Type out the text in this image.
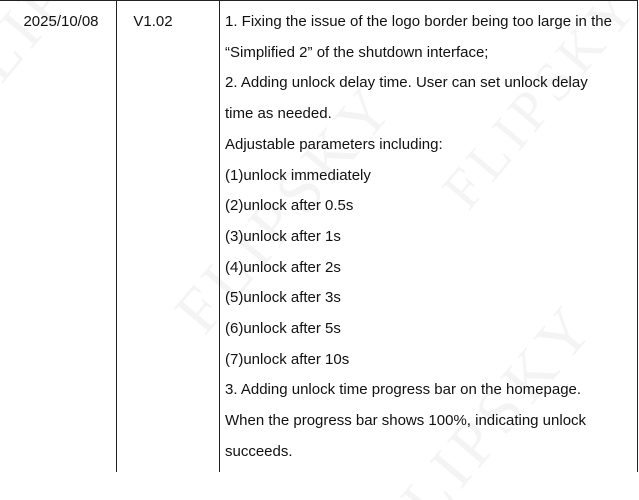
2025/10/08	V1.02	1. Fixing the issue of the logo border being too large in the
“Simplified 2” of the shutdown interface;
2. Adding unlock delay time. User can set unlock delay
time as needed.
Adjustable parameters including:
(1)unlock immediately
(2)unlock after 0.5s
(3)unlock after 1s
(4)unlock after 2s
(5)unlock after 3s
(6)unlock after 5s
(7)unlock after 10s
3. Adding unlock time progress bar on the homepage.
When the progress bar shows 100%, indicating unlock
succeeds.
